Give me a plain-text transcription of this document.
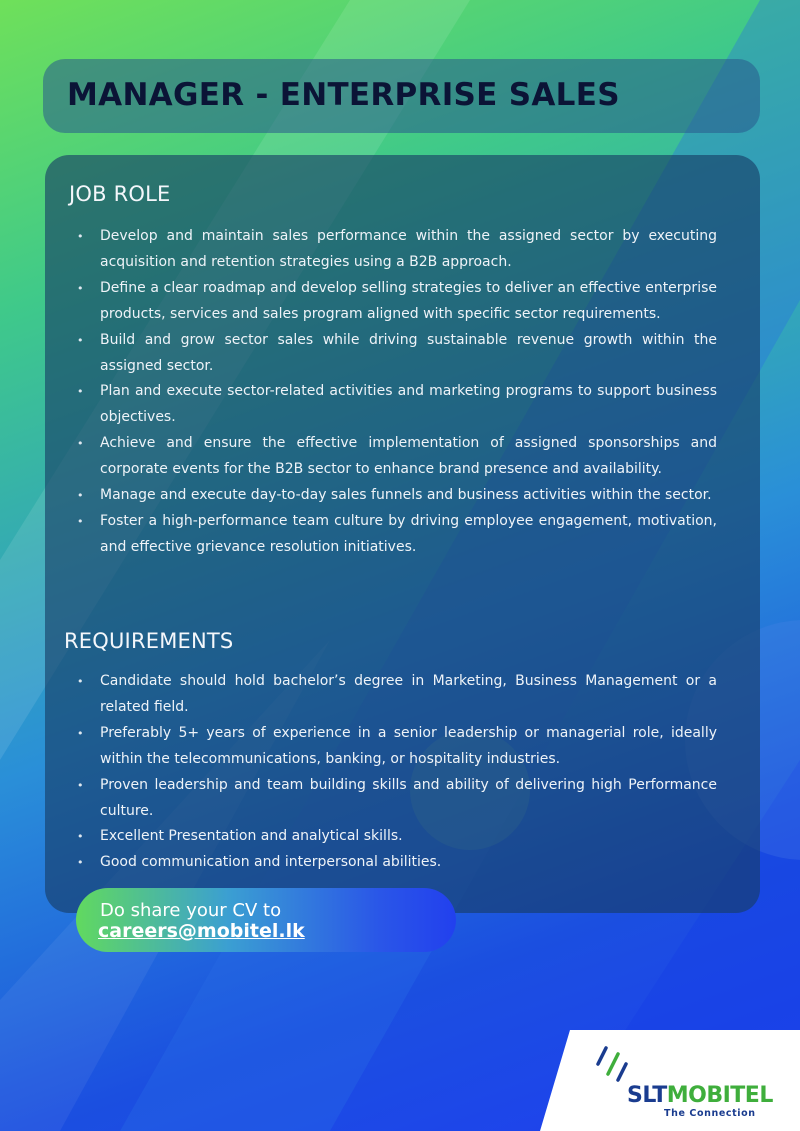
MANAGER - ENTERPRISE SALES
JOB ROLE
• Develop and maintain sales performance within the assigned sector by executing acquisition and retention strategies using a B2B approach.
• Define a clear roadmap and develop selling strategies to deliver an effective enterprise products, services and sales program aligned with specific sector requirements.
• Build and grow sector sales while driving sustainable revenue growth within the assigned sector.
• Plan and execute sector-related activities and marketing programs to support business objectives.
• Achieve and ensure the effective implementation of assigned sponsorships and corporate events for the B2B sector to enhance brand presence and availability.
• Manage and execute day-to-day sales funnels and business activities within the sector.
• Foster a high-performance team culture by driving employee engagement, motivation, and effective grievance resolution initiatives.
REQUIREMENTS
• Candidate should hold bachelor’s degree in Marketing, Business Management or a related field.
• Preferably 5+ years of experience in a senior leadership or managerial role, ideally within the telecommunications, banking, or hospitality industries.
• Proven leadership and team building skills and ability of delivering high Performance culture.
• Excellent Presentation and analytical skills.
• Good communication and interpersonal abilities.

Do share your CV to

careers@mobitel.lk

SLTMOBITEL

The Connection
